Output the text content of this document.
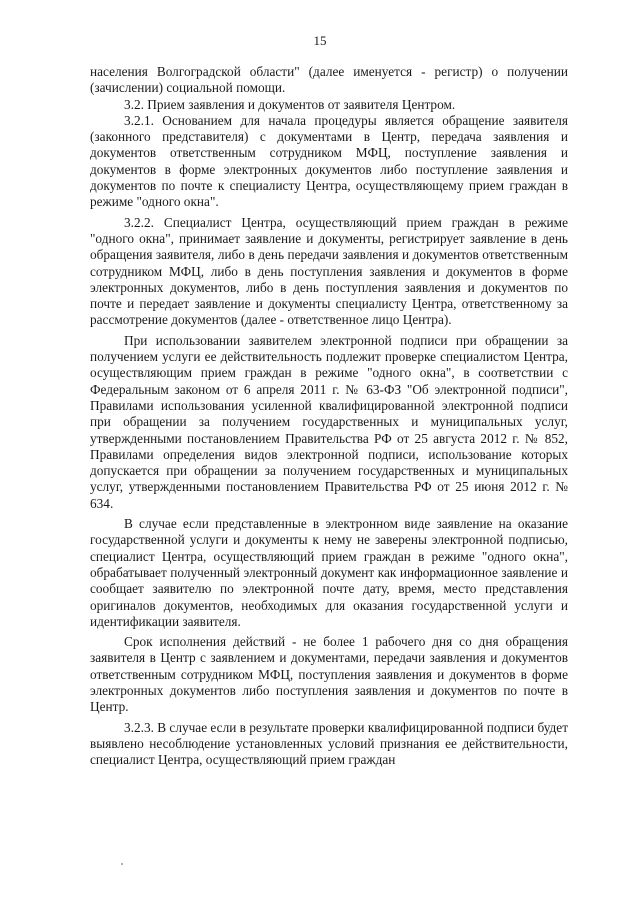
15

населения Волгоградской области" (далее именуется - регистр) о получении (зачислении) социальной помощи.

3.2. Прием заявления и документов от заявителя Центром.

3.2.1. Основанием для начала процедуры является обращение заявителя (законного представителя) с документами в Центр, передача заявления и документов ответственным сотрудником МФЦ, поступление заявления и документов в форме электронных документов либо поступление заявления и документов по почте к специалисту Центра, осуществляющему прием граждан в режиме "одного окна".

3.2.2. Специалист Центра, осуществляющий прием граждан в режиме "одного окна", принимает заявление и документы, регистрирует заявление в день обращения заявителя, либо в день передачи заявления и документов ответственным сотрудником МФЦ, либо в день поступления заявления и документов в форме электронных документов, либо в день поступления заявления и документов по почте и передает заявление и документы специалисту Центра, ответственному за рассмотрение документов (далее - ответственное лицо Центра).

При использовании заявителем электронной подписи при обращении за получением услуги ее действительность подлежит проверке специалистом Центра, осуществляющим прием граждан в режиме "одного окна", в соответствии с Федеральным законом от 6 апреля 2011 г. № 63-ФЗ "Об электронной подписи", Правилами использования усиленной квалифицированной электронной подписи при обращении за получением государственных и муниципальных услуг, утвержденными постановлением Правительства РФ от 25 августа 2012 г. № 852, Правилами определения видов электронной подписи, использование которых допускается при обращении за получением государственных и муниципальных услуг, утвержденными постановлением Правительства РФ от 25 июня 2012 г. № 634.

В случае если представленные в электронном виде заявление на оказание государственной услуги и документы к нему не заверены электронной подписью, специалист Центра, осуществляющий прием граждан в режиме "одного окна", обрабатывает полученный электронный документ как информационное заявление и сообщает заявителю по электронной почте дату, время, место представления оригиналов документов, необходимых для оказания государственной услуги и идентификации заявителя.

Срок исполнения действий - не более 1 рабочего дня со дня обращения заявителя в Центр с заявлением и документами, передачи заявления и документов ответственным сотрудником МФЦ, поступления заявления и документов в форме электронных документов либо поступления заявления и документов по почте в Центр.

3.2.3. В случае если в результате проверки квалифицированной подписи будет выявлено несоблюдение установленных условий признания ее действительности, специалист Центра, осуществляющий прием граждан
